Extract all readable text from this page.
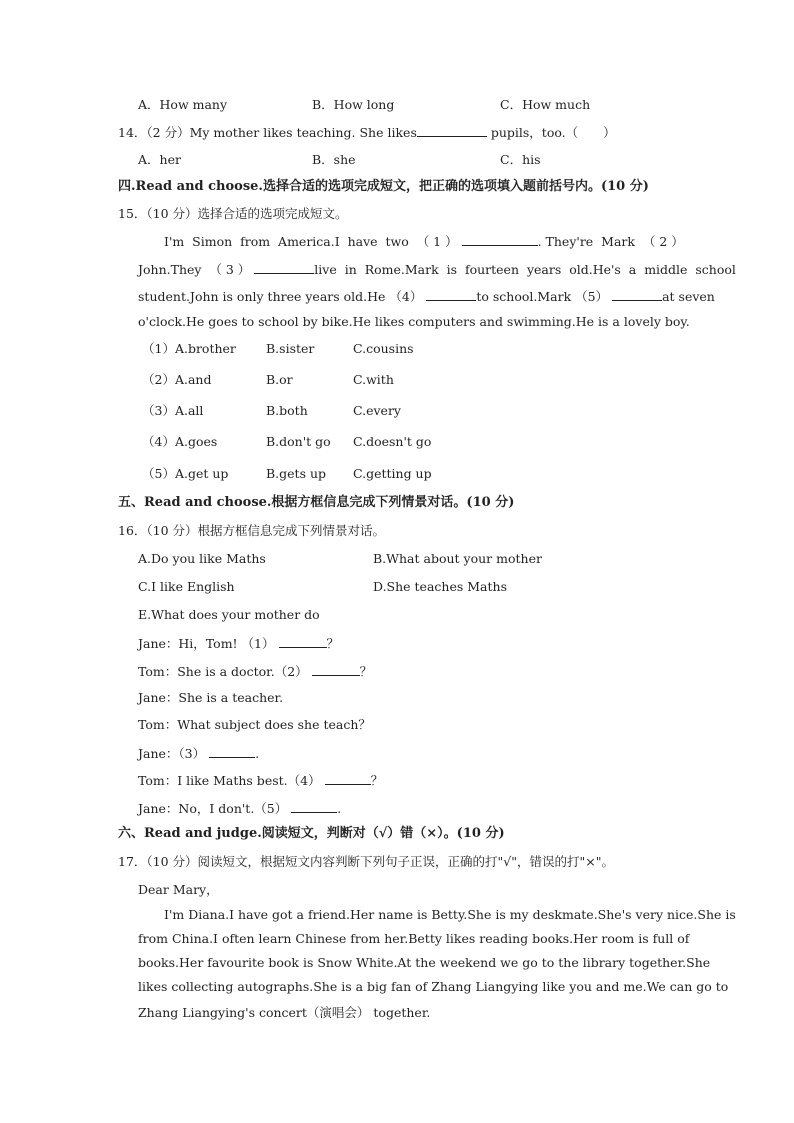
A．How many	B．How long	C．How much
14．（2 分）My mother likes teaching. She likes	pupils，too.（　　）
A．her	B．she	C．his
四.Read and choose.选择合适的选项完成短文，把正确的选项填入题前括号内。(10 分)
15．（10 分）选择合适的选项完成短文。
I'm  Simon  from  America.I  have  two  （ 1 ）	. They're  Mark  （ 2 ）
John.They  （ 3 ）	live  in  Rome.Mark  is  fourteen  years  old.He's  a  middle  school
student.John is only three years old.He （4）	to school.Mark （5）	at seven
o'clock.He goes to school by bike.He likes computers and swimming.He is a lovely boy.
（1）A.brother B.sister	C.cousins
（2）A.and	B.or	C.with
（3）A.all	B.both	C.every
（4）A.goes	B.don't go C.doesn't go
（5）A.get up	B.gets up C.getting up
五、Read and choose.根据方框信息完成下列情景对话。(10 分)
16．（10 分）根据方框信息完成下列情景对话。
A.Do you like Maths	B.What about your mother
C.I like English	D.She teaches Maths
E.What does your mother do
Jane：Hi，Tom! （1）	？
Tom：She is a doctor.（2）	？
Jane：She is a teacher.
Tom：What subject does she teach？
Jane：（3）	.
Tom：I like Maths best.（4）	？
Jane：No，I don't.（5）	.
六、Read and judge.阅读短文，判断对（√）错（×）。(10 分)
17．（10 分）阅读短文，根据短文内容判断下列句子正误，正确的打"√"，错误的打"×"。
Dear Mary，
I'm Diana.I have got a friend.Her name is Betty.She is my deskmate.She's very nice.She is
from China.I often learn Chinese from her.Betty likes reading books.Her room is full of
books.Her favourite book is Snow White.At the weekend we go to the library together.She
likes collecting autographs.She is a big fan of Zhang Liangying like you and me.We can go to
Zhang Liangying's concert（演唱会） together.
